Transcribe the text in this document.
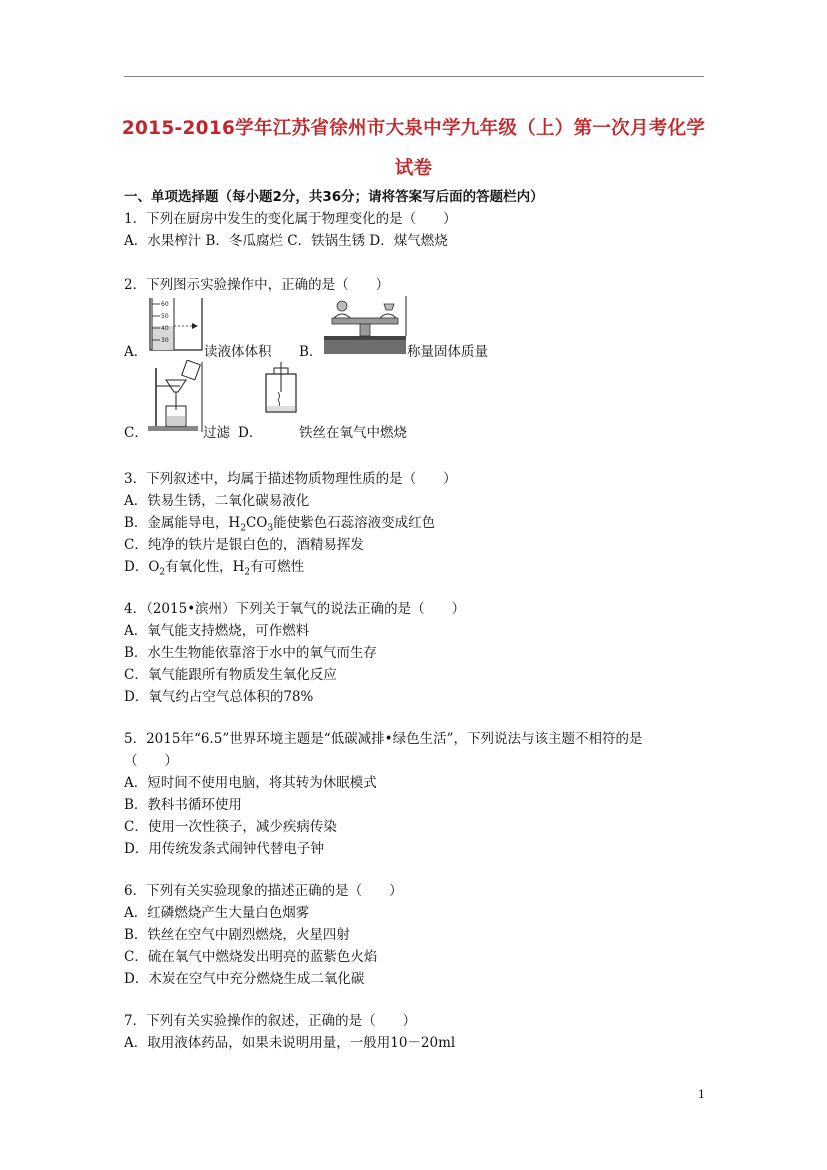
2015-2016学年江苏省徐州市大泉中学九年级（上）第一次月考化学
试卷
一、单项选择题（每小题2分，共36分；请将答案写后面的答题栏内）
1．下列在厨房中发生的变化属于物理变化的是（　　）
A．水果榨汁 B．冬瓜腐烂 C．铁锅生锈 D．煤气燃烧
2．下列图示实验操作中，正确的是（　　）
A．
60
50
40
30
读液体体积 B．	称量固体质量
C．	过滤 D．	铁丝在氧气中燃烧
3．下列叙述中，均属于描述物质物理性质的是（　　）
A．铁易生锈，二氧化碳易液化
B．金属能导电，$H_2CO_3$能使紫色石蕊溶液变成红色
C．纯净的铁片是银白色的，酒精易挥发
D．$O_2$有氧化性，$H_2$有可燃性
4．（2015•滨州）下列关于氧气的说法正确的是（　　）
A．氧气能支持燃烧，可作燃料
B．水生生物能依靠溶于水中的氧气而生存
C．氧气能跟所有物质发生氧化反应
D．氧气约占空气总体积的78%
5．2015年“6.5”世界环境主题是“低碳减排•绿色生活”，下列说法与该主题不相符的是
（　　）
A．短时间不使用电脑，将其转为休眠模式
B．教科书循环使用
C．使用一次性筷子，减少疾病传染
D．用传统发条式闹钟代替电子钟
6．下列有关实验现象的描述正确的是（　　）
A．红磷燃烧产生大量白色烟雾
B．铁丝在空气中剧烈燃烧，火星四射
C．硫在氧气中燃烧发出明亮的蓝紫色火焰
D．木炭在空气中充分燃烧生成二氧化碳
7．下列有关实验操作的叙述，正确的是（　　）
A．取用液体药品，如果未说明用量，一般用10－20ml
1
